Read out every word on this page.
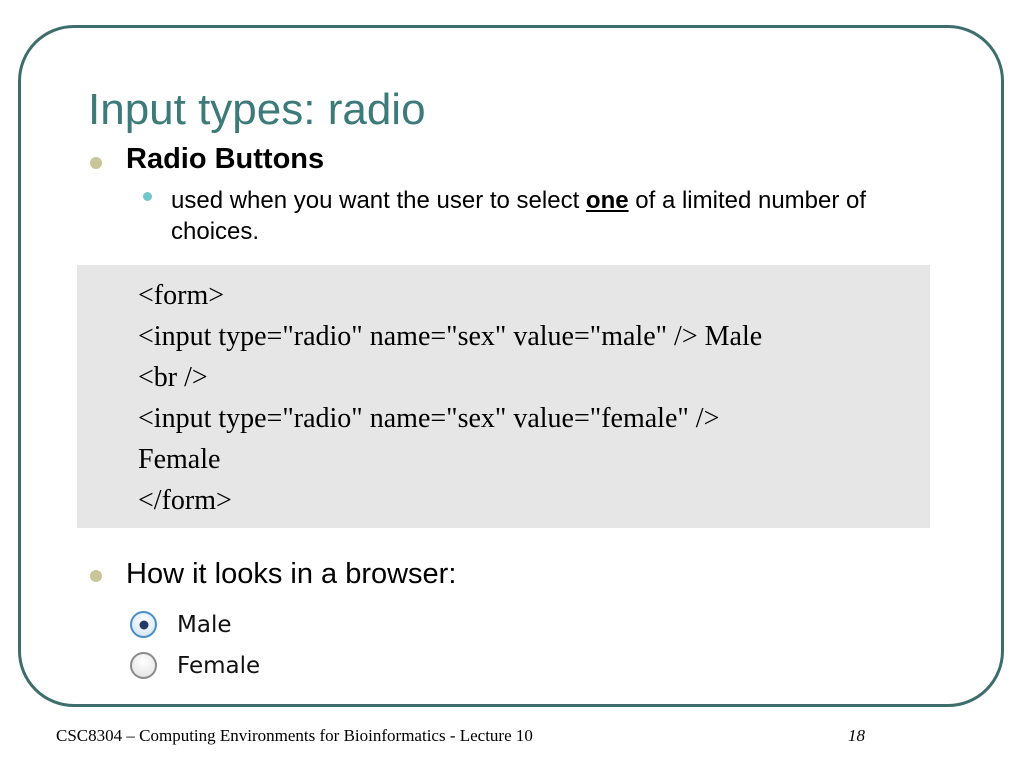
Input types: radio
Radio Buttons
used when you want the user to select one of a limited number of choices.
<form>
<input type="radio" name="sex" value="male" /> Male
<br />
<input type="radio" name="sex" value="female" />
Female
</form>
How it looks in a browser:
Male
Female
CSC8304 – Computing Environments for Bioinformatics - Lecture 10	18
